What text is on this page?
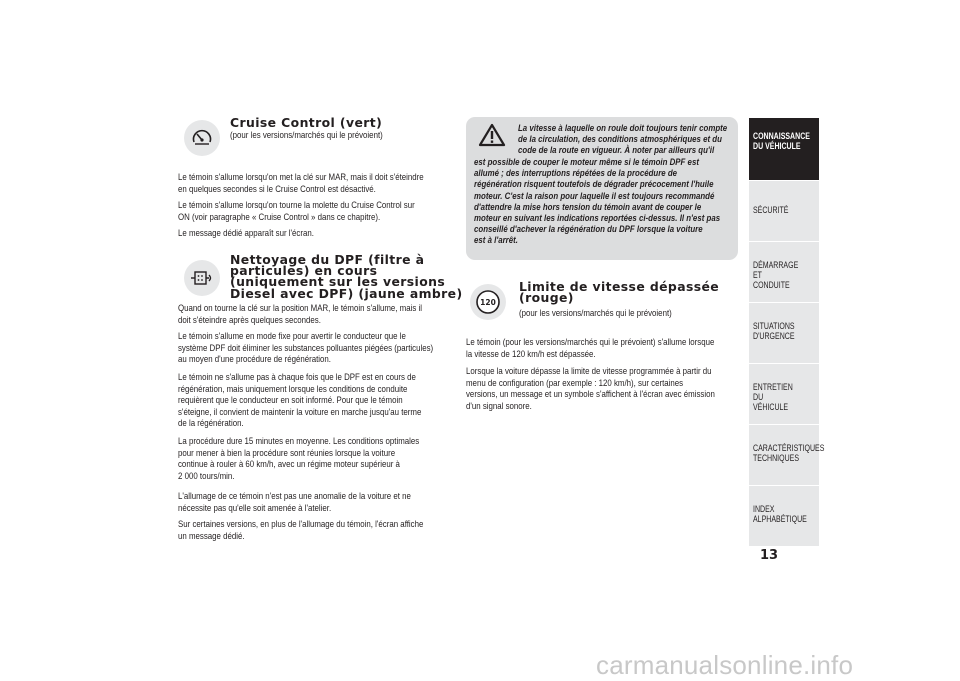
Cruise Control (vert)

(pour les versions/marchés qui le prévoient)

Le témoin s'allume lorsqu'on met la clé sur MAR, mais il doit s'éteindre
en quelques secondes si le Cruise Control est désactivé.

Le témoin s'allume lorsqu'on tourne la molette du Cruise Control sur
ON (voir paragraphe « Cruise Control » dans ce chapitre).

Le message dédié apparaît sur l'écran.

Nettoyage du DPF (filtre à
particules) en cours
(uniquement sur les versions
Diesel avec DPF) (jaune ambre)

Quand on tourne la clé sur la position MAR, le témoin s'allume, mais il
doit s'éteindre après quelques secondes.

Le témoin s'allume en mode fixe pour avertir le conducteur que le
système DPF doit éliminer les substances polluantes piégées (particules)
au moyen d'une procédure de régénération.

Le témoin ne s'allume pas à chaque fois que le DPF est en cours de
régénération, mais uniquement lorsque les conditions de conduite
requièrent que le conducteur en soit informé. Pour que le témoin
s'éteigne, il convient de maintenir la voiture en marche jusqu'au terme
de la régénération.

La procédure dure 15 minutes en moyenne. Les conditions optimales
pour mener à bien la procédure sont réunies lorsque la voiture
continue à rouler à 60 km/h, avec un régime moteur supérieur à
2 000 tours/min.

L'allumage de ce témoin n'est pas une anomalie de la voiture et ne
nécessite pas qu'elle soit amenée à l'atelier.

Sur certaines versions, en plus de l'allumage du témoin, l'écran affiche
un message dédié.

La vitesse à laquelle on roule doit toujours tenir compte
de la circulation, des conditions atmosphériques et du
code de la route en vigueur. À noter par ailleurs qu'il

est possible de couper le moteur même si le témoin DPF est
allumé ; des interruptions répétées de la procédure de
régénération risquent toutefois de dégrader précocement l'huile
moteur. C'est la raison pour laquelle il est toujours recommandé
d'attendre la mise hors tension du témoin avant de couper le
moteur en suivant les indications reportées ci-dessus. Il n'est pas
conseillé d'achever la régénération du DPF lorsque la voiture
est à l'arrêt.

120
Limite de vitesse dépassée
(rouge)

(pour les versions/marchés qui le prévoient)

Le témoin (pour les versions/marchés qui le prévoient) s'allume lorsque
la vitesse de 120 km/h est dépassée.

Lorsque la voiture dépasse la limite de vitesse programmée à partir du
menu de configuration (par exemple : 120 km/h), sur certaines
versions, un message et un symbole s'affichent à l'écran avec émission
d'un signal sonore.

CONNAISSANCE
DU VÉHICULE
SÉCURITÉ
DÉMARRAGE ET
CONDUITE
SITUATIONS
D'URGENCE
ENTRETIEN DU
VÉHICULE
CARACTÉRISTIQUES
TECHNIQUES
INDEX
ALPHABÉTIQUE
13
carmanualsonline.info
